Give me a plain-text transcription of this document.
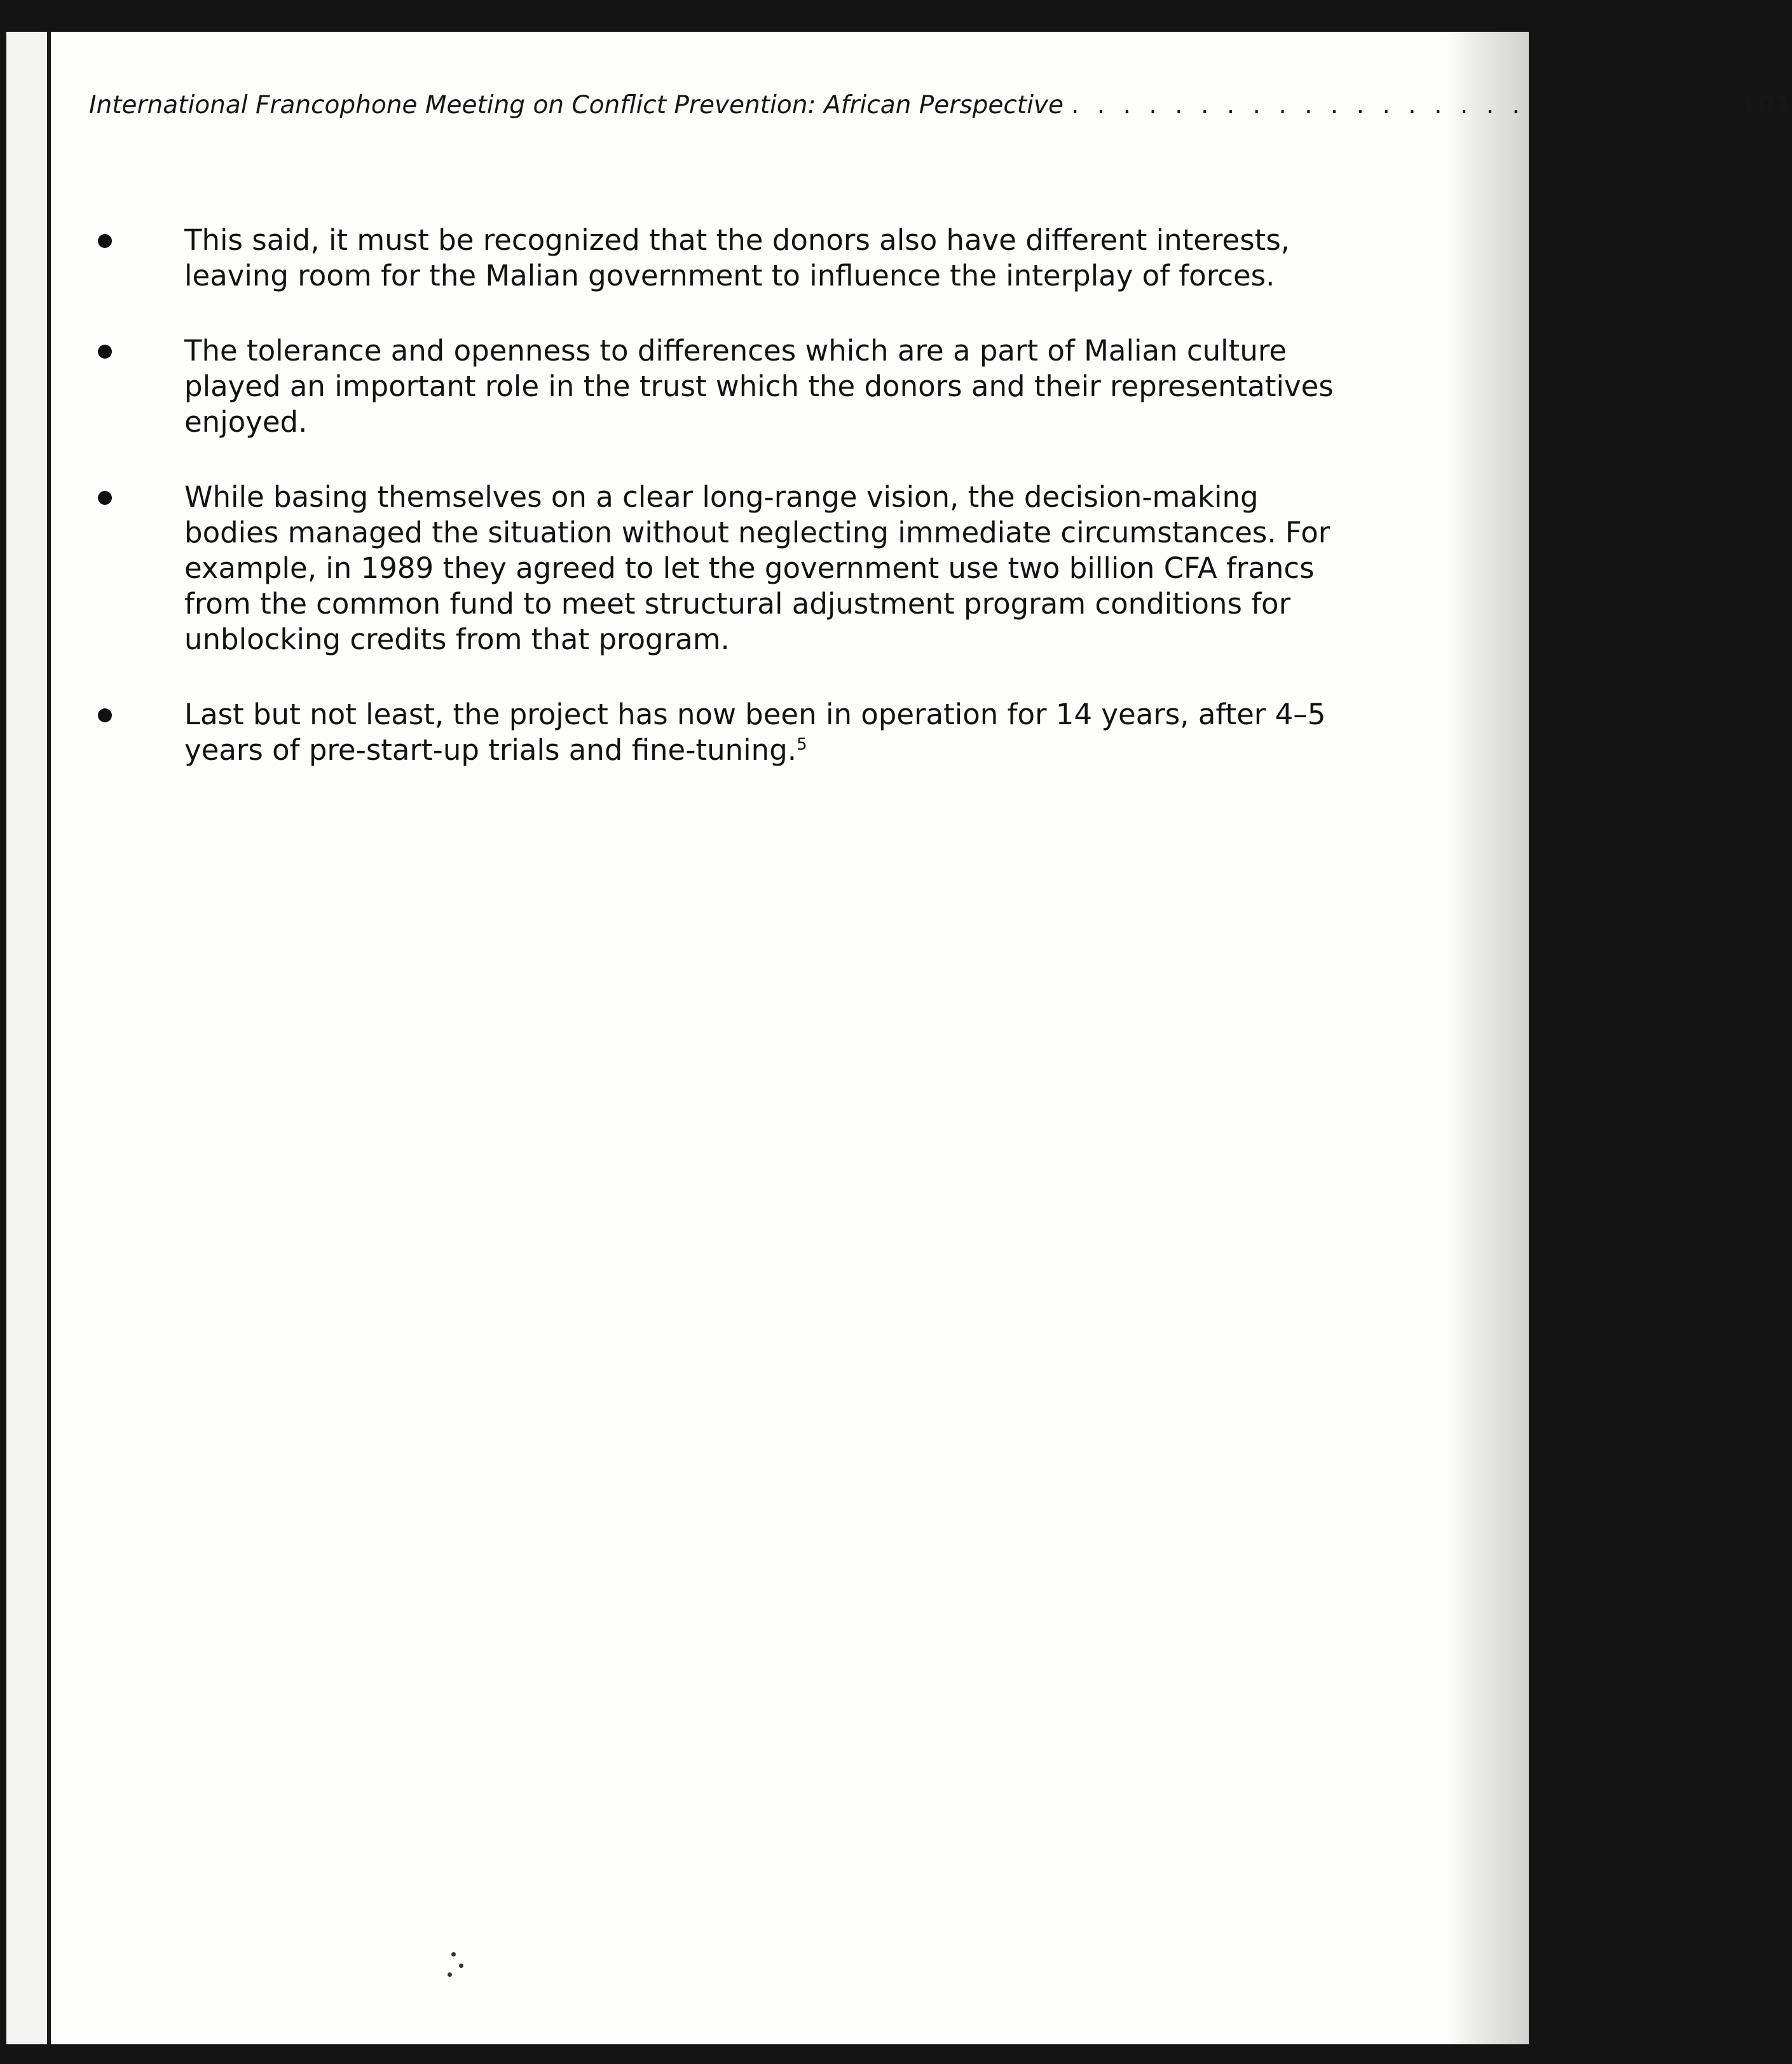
International Francophone Meeting on Conflict Prevention: African Perspective . . . . . . . . . . . . . . . . . . . . . . . . . . 101
This said, it must be recognized that the donors also have different interests, leaving room for the Malian government to influence the interplay of forces.
The tolerance and openness to differences which are a part of Malian culture played an important role in the trust which the donors and their representatives enjoyed.
While basing themselves on a clear long-range vision, the decision-making bodies managed the situation without neglecting immediate circumstances. For example, in 1989 they agreed to let the government use two billion CFA francs from the common fund to meet structural adjustment program conditions for unblocking credits from that program.
Last but not least, the project has now been in operation for 14 years, after 4–5 years of pre-start-up trials and fine-tuning.$^5$
